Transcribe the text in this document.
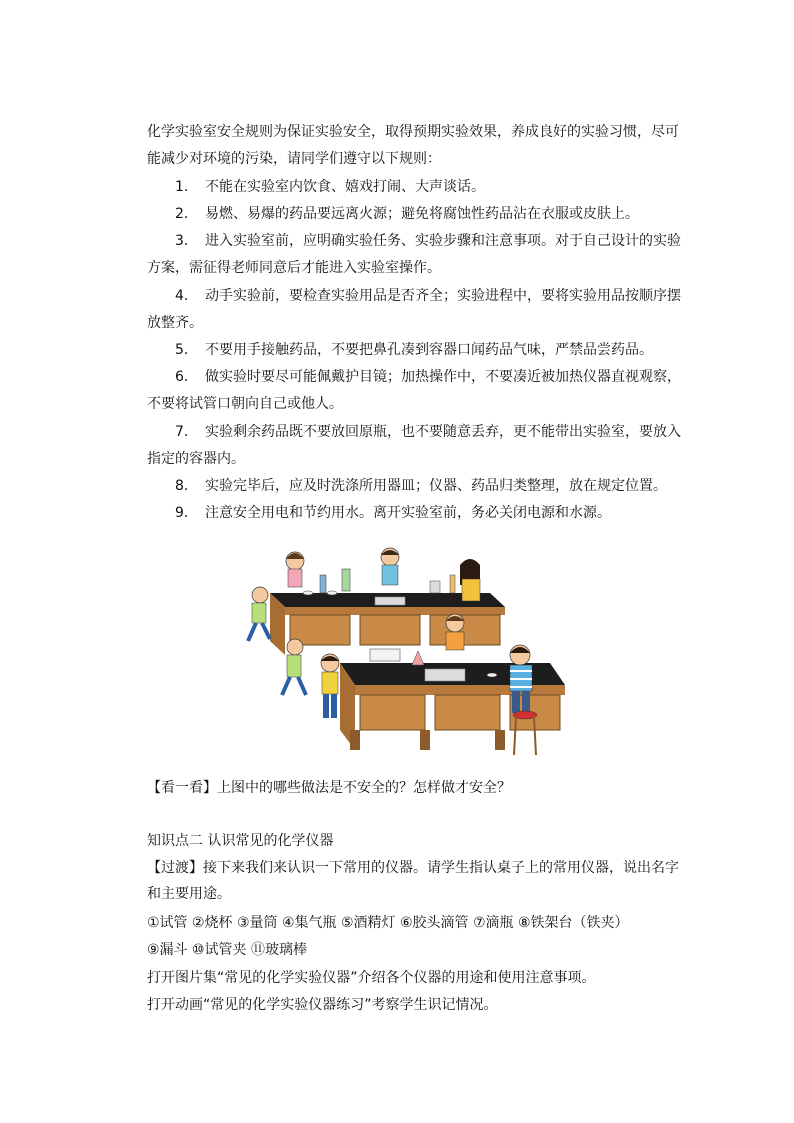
化学实验室安全规则为保证实验安全，取得预期实验效果，养成良好的实验习惯，尽可
能减少对环境的污染，请同学们遵守以下规则：
1. 不能在实验室内饮食、嬉戏打闹、大声谈话。
2. 易燃、易爆的药品要远离火源；避免将腐蚀性药品沾在衣服或皮肤上。
3. 进入实验室前，应明确实验任务、实验步骤和注意事项。对于自己设计的实验
方案，需征得老师同意后才能进入实验室操作。
4. 动手实验前，要检查实验用品是否齐全；实验进程中，要将实验用品按顺序摆
放整齐。
5. 不要用手接触药品，不要把鼻孔凑到容器口闻药品气味，严禁品尝药品。
6. 做实验时要尽可能佩戴护目镜；加热操作中，不要凑近被加热仪器直视观察，
不要将试管口朝向自己或他人。
7. 实验剩余药品既不要放回原瓶，也不要随意丢弃，更不能带出实验室，要放入
指定的容器内。
8. 实验完毕后，应及时洗涤所用器皿；仪器、药品归类整理，放在规定位置。
9. 注意安全用电和节约用水。离开实验室前，务必关闭电源和水源。
【看一看】上图中的哪些做法是不安全的？怎样做才安全？
知识点二 认识常见的化学仪器
【过渡】接下来我们来认识一下常用的仪器。请学生指认桌子上的常用仪器，说出名字
和主要用途。
①试管 ②烧杯 ③量筒 ④集气瓶 ⑤酒精灯 ⑥胶头滴管 ⑦滴瓶 ⑧铁架台（铁夹）
⑨漏斗 ⑩试管夹 ⑪玻璃棒
打开图片集“常见的化学实验仪器”介绍各个仪器的用途和使用注意事项。
打开动画“常见的化学实验仪器练习”考察学生识记情况。
